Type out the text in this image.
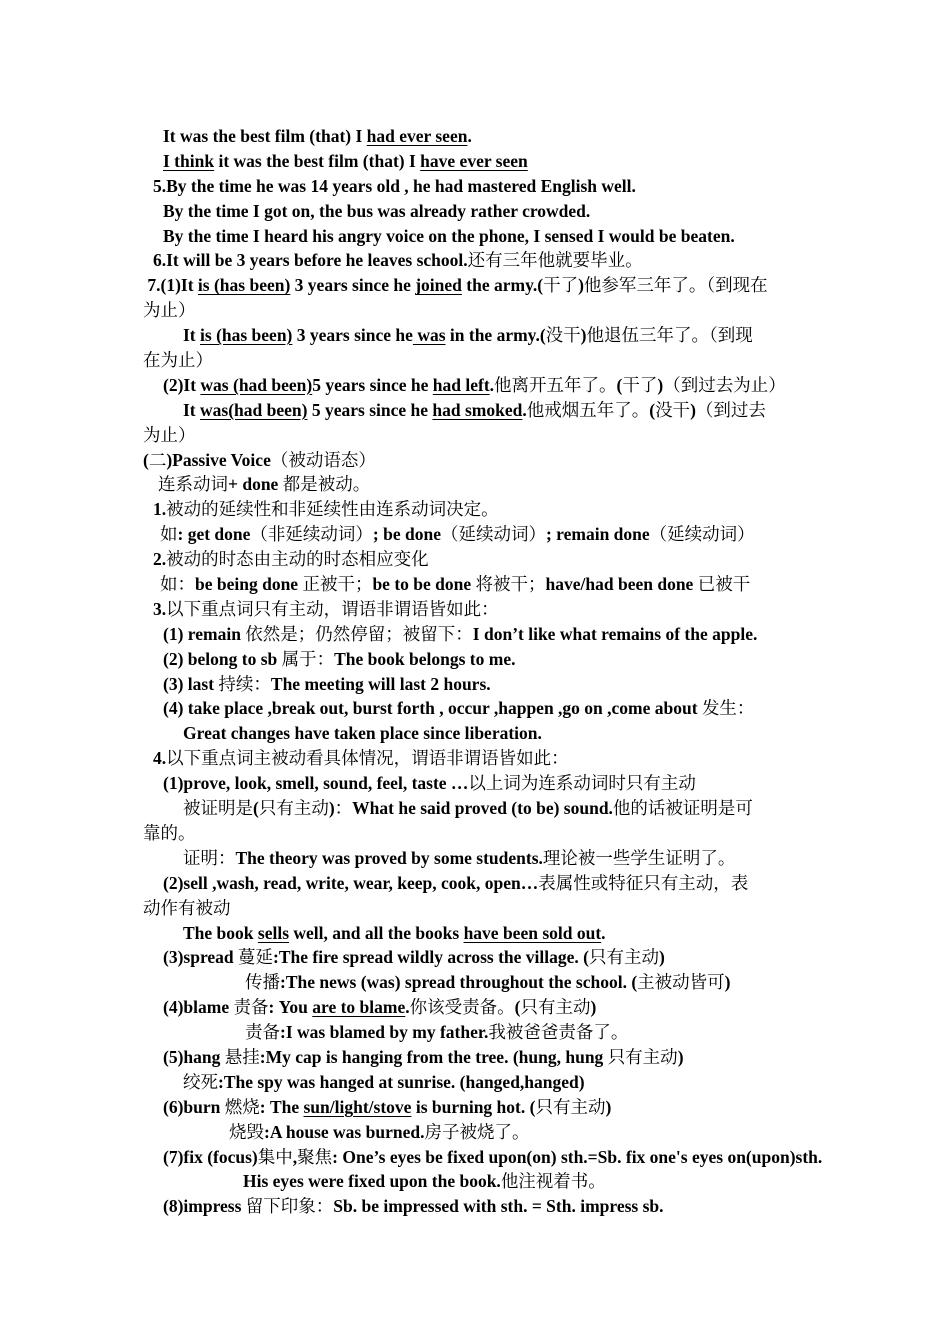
It was the best film (that) I had ever seen.
I think it was the best film (that) I have ever seen
5.By the time he was 14 years old , he had mastered English well.
By the time I got on, the bus was already rather crowded.
By the time I heard his angry voice on the phone, I sensed I would be beaten.
6.It will be 3 years before he leaves school.还有三年他就要毕业。
7.(1)It is (has been) 3 years since he joined the army.(干了)他参军三年了。（到现在
为止）
It is (has been) 3 years since he was in the army.(没干)他退伍三年了。（到现
在为止）
(2)It was (had been)5 years since he had left.他离开五年了。(干了)（到过去为止）
It was(had been) 5 years since he had smoked.他戒烟五年了。(没干)（到过去
为止）
(二)Passive Voice（被动语态）
连系动词+ done 都是被动。
1.被动的延续性和非延续性由连系动词决定。
如: get done（非延续动词）; be done（延续动词）; remain done（延续动词）
2.被动的时态由主动的时态相应变化
如：be being done 正被干；be to be done 将被干；have/had been done 已被干
3.以下重点词只有主动，谓语非谓语皆如此：
(1) remain 依然是；仍然停留；被留下：I don’t like what remains of the apple.
(2) belong to sb 属于：The book belongs to me.
(3) last 持续：The meeting will last 2 hours.
(4) take place ,break out, burst forth , occur ,happen ,go on ,come about 发生：
Great changes have taken place since liberation.
4.以下重点词主被动看具体情况，谓语非谓语皆如此：
(1)prove, look, smell, sound, feel, taste …以上词为连系动词时只有主动
被证明是(只有主动)：What he said proved (to be) sound.他的话被证明是可
靠的。
证明：The theory was proved by some students.理论被一些学生证明了。
(2)sell ,wash, read, write, wear, keep, cook, open…表属性或特征只有主动，表
动作有被动
The book sells well, and all the books have been sold out.
(3)spread 蔓延:The fire spread wildly across the village. (只有主动)
传播:The news (was) spread throughout the school. (主被动皆可)
(4)blame 责备: You are to blame.你该受责备。(只有主动)
责备:I was blamed by my father.我被爸爸责备了。
(5)hang 悬挂:My cap is hanging from the tree. (hung, hung 只有主动)
绞死:The spy was hanged at sunrise. (hanged,hanged)
(6)burn 燃烧: The sun/light/stove is burning hot. (只有主动)
烧毁:A house was burned.房子被烧了。
(7)fix (focus)集中,聚焦: One’s eyes be fixed upon(on) sth.=Sb. fix one's eyes on(upon)sth.
His eyes were fixed upon the book.他注视着书。
(8)impress 留下印象：Sb. be impressed with sth. = Sth. impress sb.
